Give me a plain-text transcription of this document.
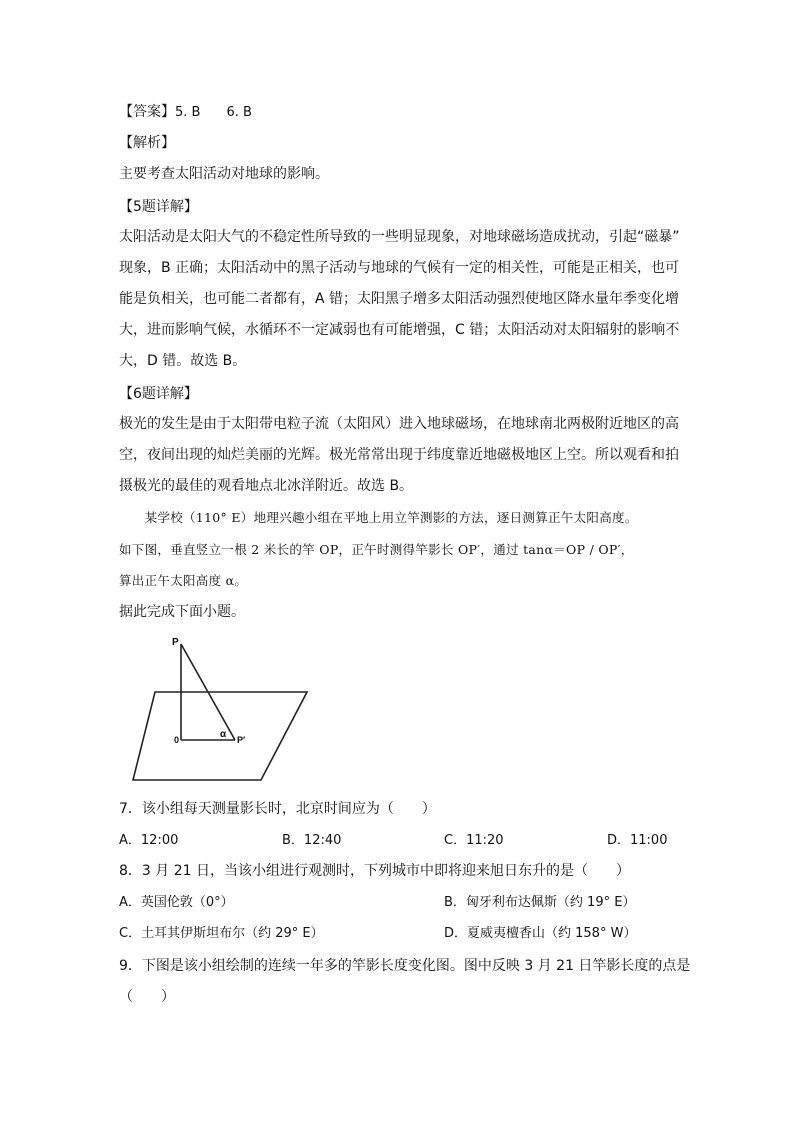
【答案】5. B　　6. B
【解析】
主要考查太阳活动对地球的影响。
【5题详解】
太阳活动是太阳大气的不稳定性所导致的一些明显现象，对地球磁场造成扰动，引起“磁暴”
现象，B 正确；太阳活动中的黑子活动与地球的气候有一定的相关性，可能是正相关，也可
能是负相关，也可能二者都有，A 错；太阳黑子增多太阳活动强烈使地区降水量年季变化增
大，进而影响气候，水循环不一定减弱也有可能增强，C 错；太阳活动对太阳辐射的影响不
大，D 错。故选 B。
【6题详解】
极光的发生是由于太阳带电粒子流（太阳风）进入地球磁场，在地球南北两极附近地区的高
空，夜间出现的灿烂美丽的光辉。极光常常出现于纬度靠近地磁极地区上空。所以观看和拍
摄极光的最佳的观看地点北冰洋附近。故选 B。
　　某学校（110° E）地理兴趣小组在平地上用立竿测影的方法，逐日测算正午太阳高度。
如下图，垂直竖立一根 2 米长的竿 OP，正午时测得竿影长 OP′，通过 tanα＝OP / OP′，
算出正午太阳高度 α。
据此完成下面小题。
P
0	P′
α
7．该小组每天测量影长时，北京时间应为（　　）
A．12:00	B．12:40	C．11:20	D．11:00
8．3 月 21 日，当该小组进行观测时，下列城市中即将迎来旭日东升的是（　　）
A．英国伦敦（0°）	B．匈牙利布达佩斯（约 19° E）
C．土耳其伊斯坦布尔（约 29° E）	D．夏威夷檀香山（约 158° W）
9．下图是该小组绘制的连续一年多的竿影长度变化图。图中反映 3 月 21 日竿影长度的点是
（　　）
